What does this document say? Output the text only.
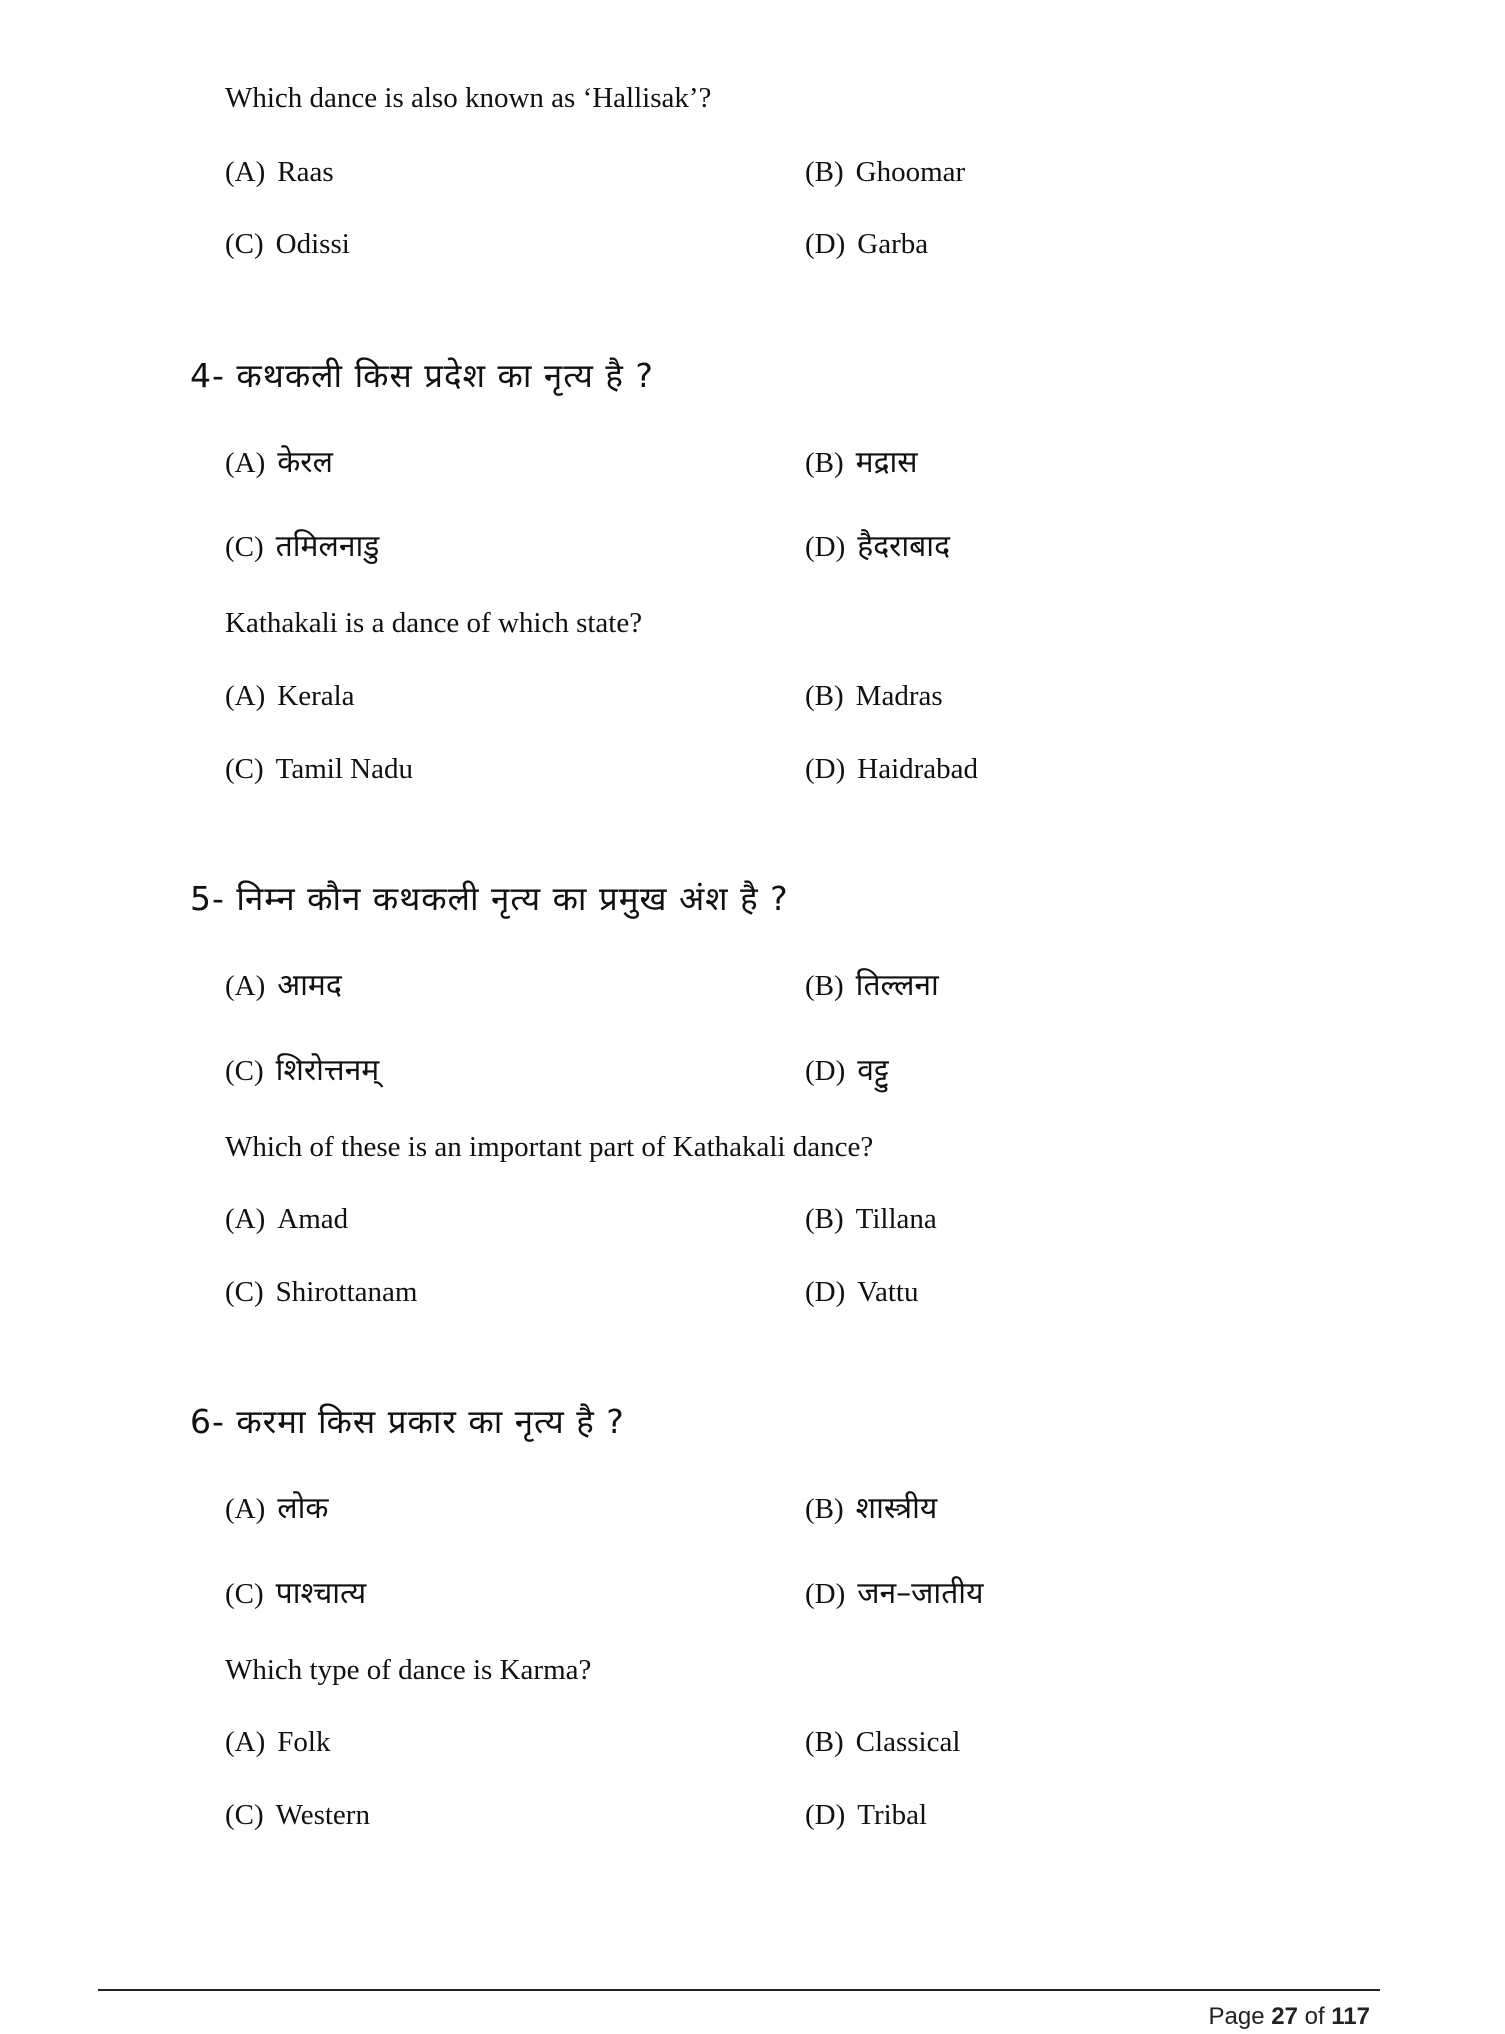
Which dance is also known as ‘Hallisak’?
(A) Raas	(B) Ghoomar
(C) Odissi	(D) Garba
4- कथकली किस प्रदेश का नृत्य है ?
(A) केरल	(B) मद्रास
(C) तमिलनाडु	(D) हैदराबाद
Kathakali is a dance of which state?
(A) Kerala	(B) Madras
(C) Tamil Nadu	(D) Haidrabad
5- निम्न कौन कथकली नृत्य का प्रमुख अंश है ?
(A) आमद	(B) तिल्लना
(C) शिरोत्तनम्	(D) वट्टु
Which of these is an important part of Kathakali dance?
(A) Amad	(B) Tillana
(C) Shirottanam	(D) Vattu
6- करमा किस प्रकार का नृत्य है ?
(A) लोक	(B) शास्त्रीय
(C) पाश्चात्य	(D) जन–जातीय
Which type of dance is Karma?
(A) Folk	(B) Classical
(C) Western	(D) Tribal
Page 27 of 117
